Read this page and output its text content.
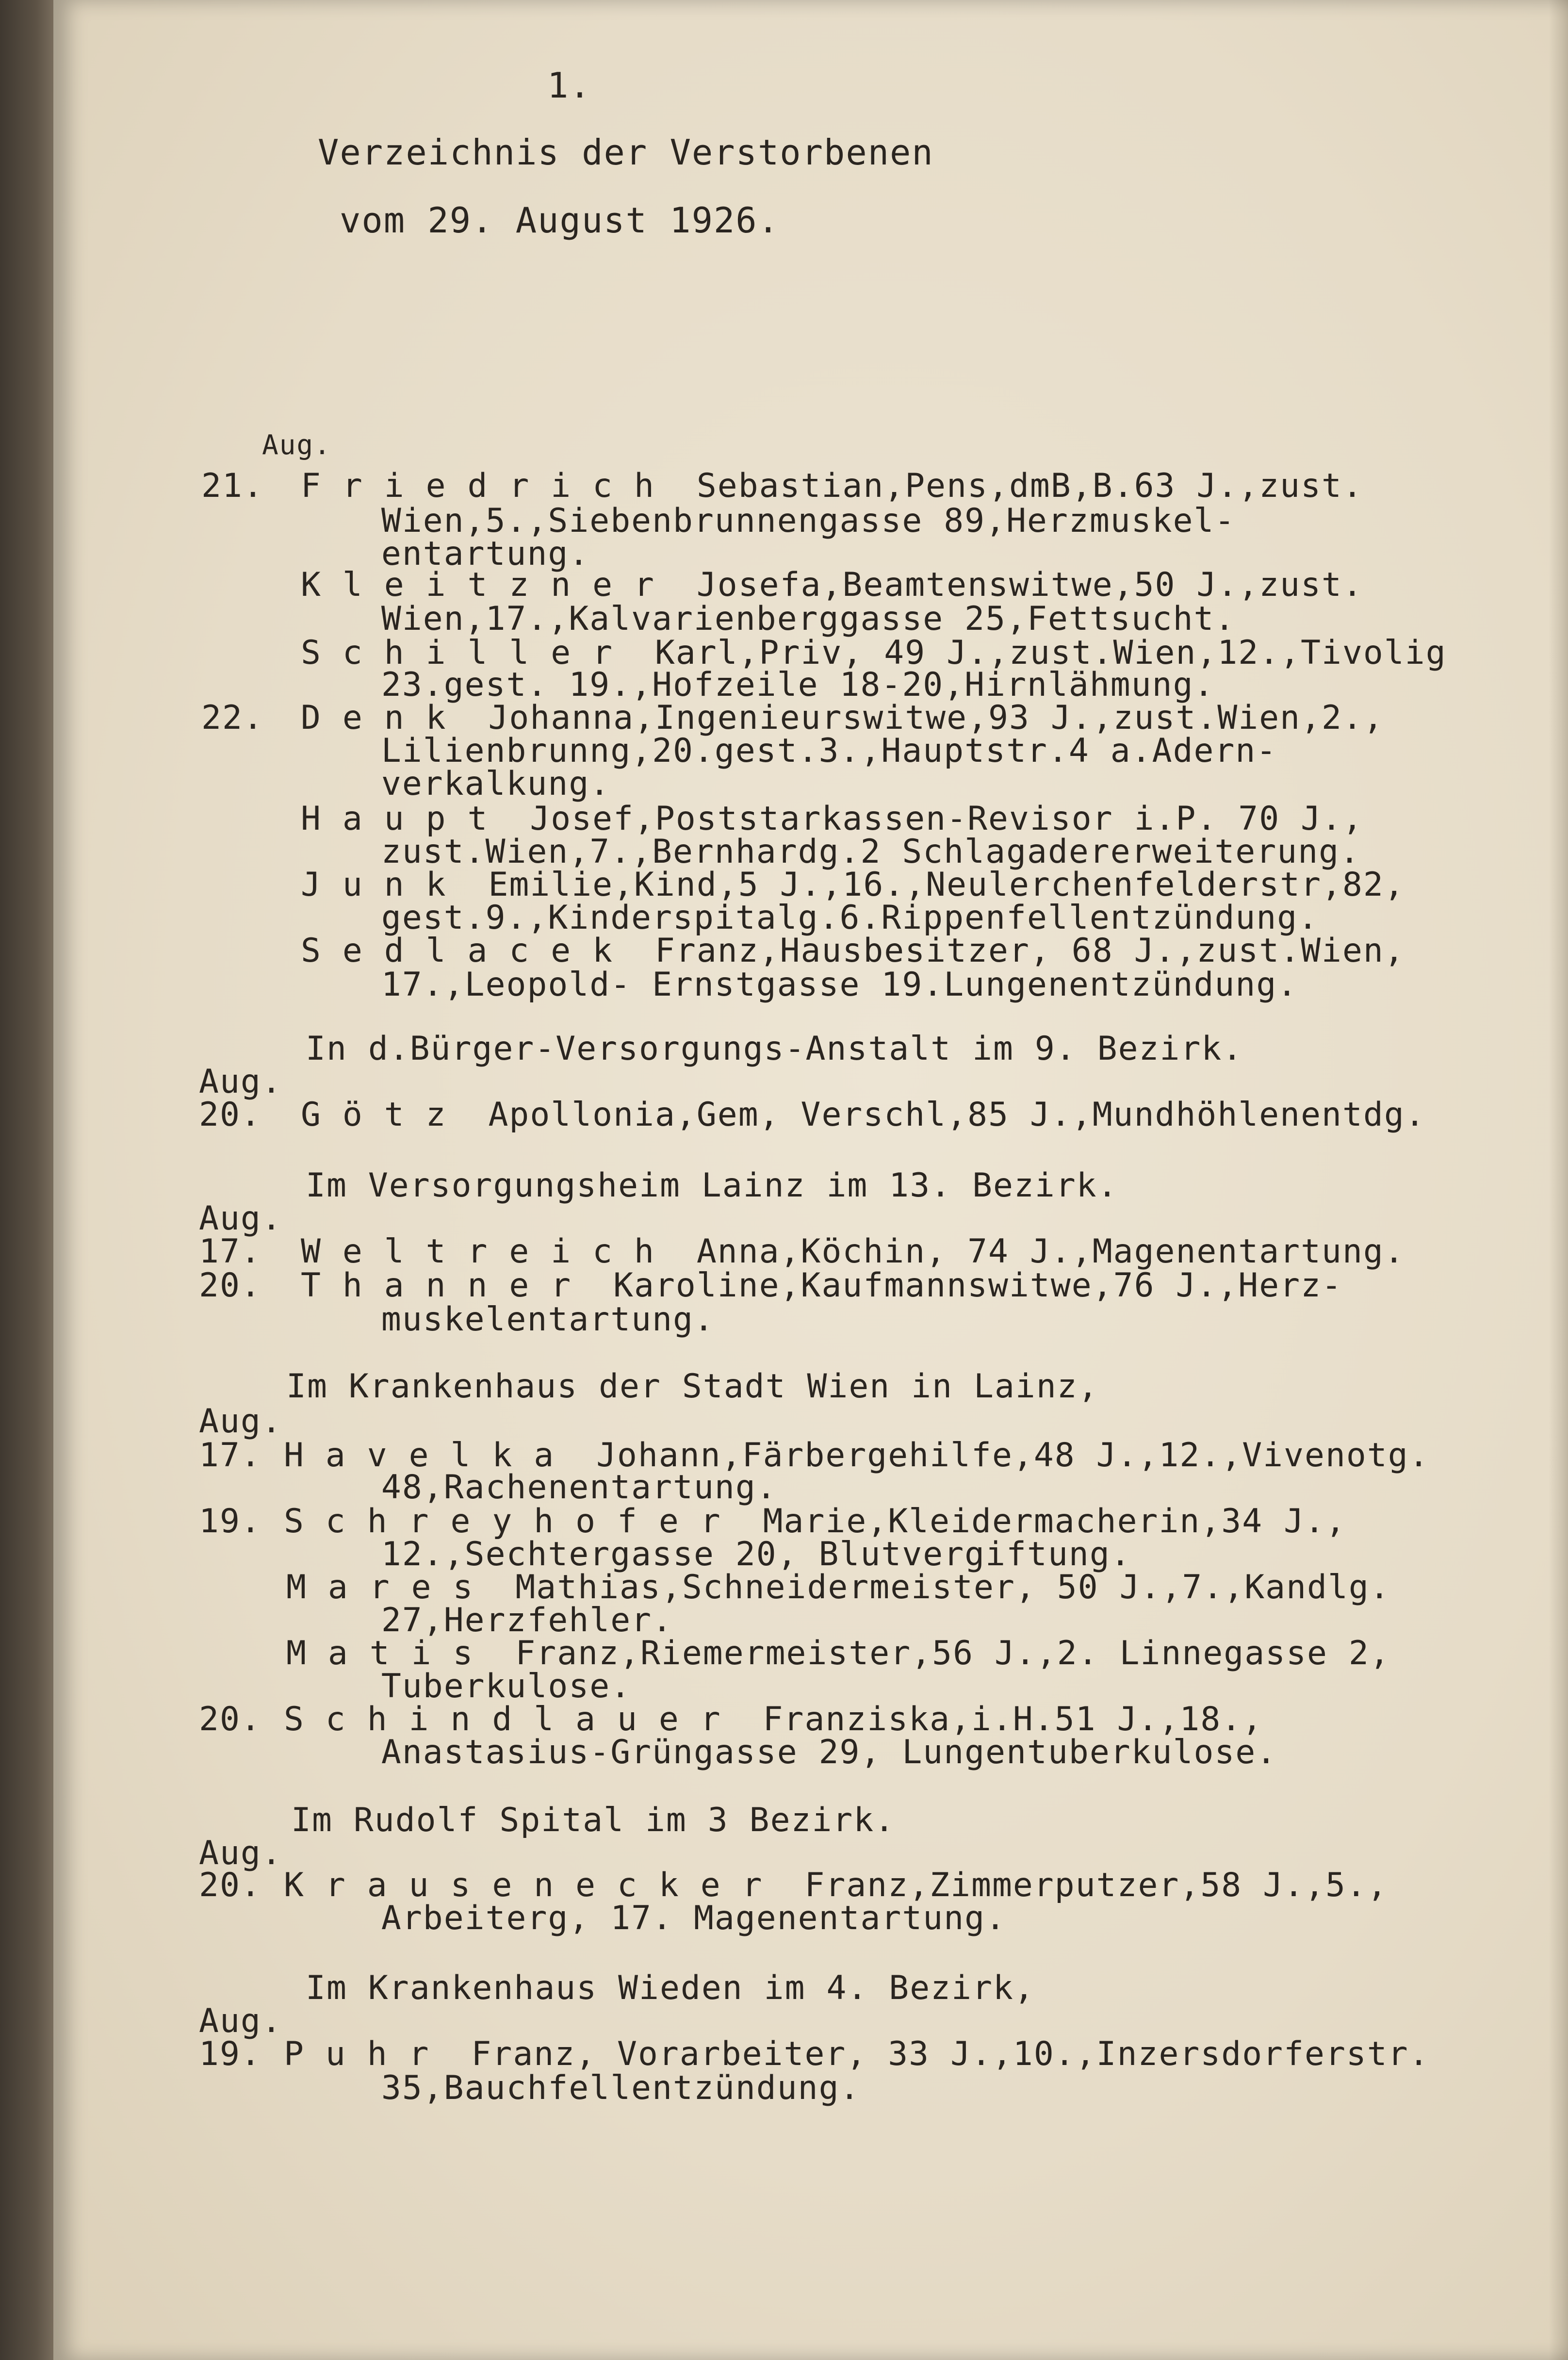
1.
Verzeichnis der Verstorbenen
vom 29. August 1926.
Aug.
21. F r i e d r i c h  Sebastian,Pens,dmB,B.63 J.,zust.
Wien,5.,Siebenbrunnengasse 89,Herzmuskel-
entartung.
K l e i t z n e r  Josefa,Beamtenswitwe,50 J.,zust.
Wien,17.,Kalvarienberggasse 25,Fettsucht.
S c h i l l e r  Karl,Priv, 49 J.,zust.Wien,12.,Tivolig
23.gest. 19.,Hofzeile 18-20,Hirnlähmung.
22. D e n k  Johanna,Ingenieurswitwe,93 J.,zust.Wien,2.,
Lilienbrunng,20.gest.3.,Hauptstr.4 a.Adern-
verkalkung.
H a u p t  Josef,Poststarkassen-Revisor i.P. 70 J.,
zust.Wien,7.,Bernhardg.2 Schlagadererweiterung.
J u n k  Emilie,Kind,5 J.,16.,Neulerchenfelderstr,82,
gest.9.,Kinderspitalg.6.Rippenfellentzündung.
S e d l a c e k  Franz,Hausbesitzer, 68 J.,zust.Wien,
17.,Leopold- Ernstgasse 19.Lungenentzündung.
In d.Bürger-Versorgungs-Anstalt im 9. Bezirk.
Aug.
20. G ö t z  Apollonia,Gem, Verschl,85 J.,Mundhöhlenentdg.
Im Versorgungsheim Lainz im 13. Bezirk.
Aug.
17. W e l t r e i c h  Anna,Köchin, 74 J.,Magenentartung.
20. T h a n n e r  Karoline,Kaufmannswitwe,76 J.,Herz-
muskelentartung.
Im Krankenhaus der Stadt Wien in Lainz,
Aug.
17. H a v e l k a  Johann,Färbergehilfe,48 J.,12.,Vivenotg.
48,Rachenentartung.
19. S c h r e y h o f e r  Marie,Kleidermacherin,34 J.,
12.,Sechtergasse 20, Blutvergiftung.
M a r e s  Mathias,Schneidermeister, 50 J.,7.,Kandlg.
27,Herzfehler.
M a t i s  Franz,Riemermeister,56 J.,2. Linnegasse 2,
Tuberkulose.
20. S c h i n d l a u e r  Franziska,i.H.51 J.,18.,
Anastasius-Grüngasse 29, Lungentuberkulose.
Im Rudolf Spital im 3 Bezirk.
Aug.
20. K r a u s e n e c k e r  Franz,Zimmerputzer,58 J.,5.,
Arbeiterg, 17. Magenentartung.
Im Krankenhaus Wieden im 4. Bezirk,
Aug.
19. P u h r  Franz, Vorarbeiter, 33 J.,10.,Inzersdorferstr.
35,Bauchfellentzündung.
